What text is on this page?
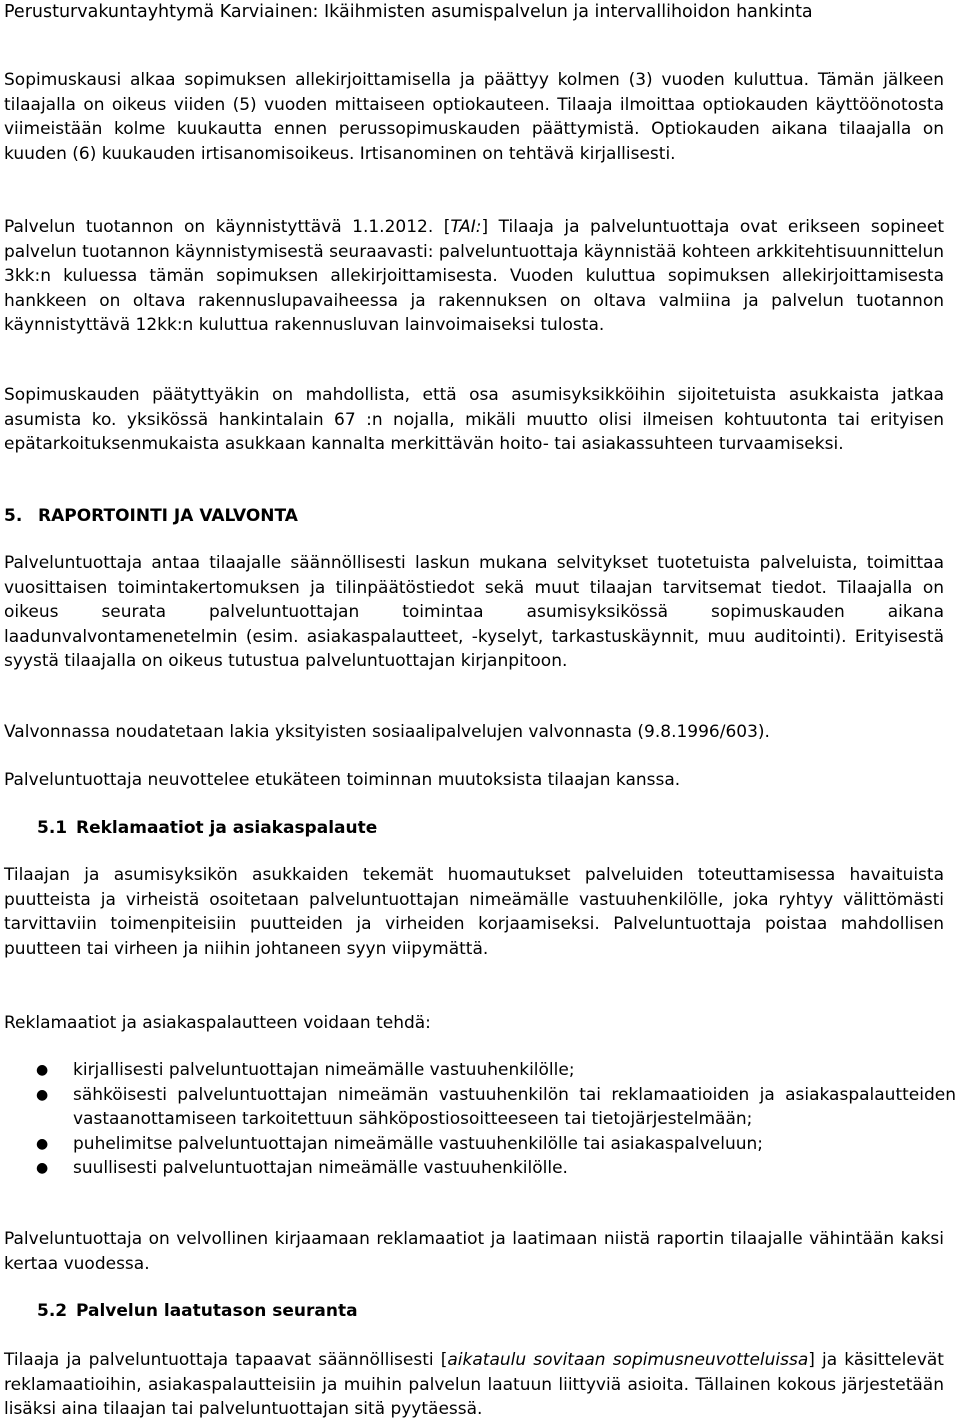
Perusturvakuntayhtymä Karviainen: Ikäihmisten asumispalvelun ja intervallihoidon hankinta

Sopimuskausi alkaa sopimuksen allekirjoittamisella ja päättyy kolmen (3) vuoden kuluttua. Tämän jälkeen tilaajalla on oikeus viiden (5) vuoden mittaiseen optiokauteen. Tilaaja ilmoittaa optiokauden käyttöönotosta viimeistään kolme kuukautta ennen perussopimuskauden päättymistä. Optiokauden aikana tilaajalla on kuuden (6) kuukauden irtisanomisoikeus. Irtisanominen on tehtävä kirjallisesti.

Palvelun tuotannon on käynnistyttävä 1.1.2012. [TAI:] Tilaaja ja palveluntuottaja ovat erikseen sopineet palvelun tuotannon käynnistymisestä seuraavasti: palveluntuottaja käynnistää kohteen arkkitehtisuunnittelun 3kk:n kuluessa tämän sopimuksen allekirjoittamisesta. Vuoden kuluttua sopimuksen allekirjoittamisesta hankkeen on oltava rakennuslupavaiheessa ja rakennuksen on oltava valmiina ja palvelun tuotannon käynnistyttävä 12kk:n kuluttua rakennusluvan lainvoimaiseksi tulosta.

Sopimuskauden päätyttyäkin on mahdollista, että osa asumisyksikköihin sijoitetuista asukkaista jatkaa asumista ko. yksikössä hankintalain 67 :n nojalla, mikäli muutto olisi ilmeisen kohtuutonta tai erityisen epätarkoituksenmukaista asukkaan kannalta merkittävän hoito- tai asiakassuhteen turvaamiseksi.

5. RAPORTOINTI JA VALVONTA

Palveluntuottaja antaa tilaajalle säännöllisesti laskun mukana selvitykset tuotetuista palveluista, toimittaa vuosittaisen toimintakertomuksen ja tilinpäätöstiedot sekä muut tilaajan tarvitsemat tiedot. Tilaajalla on oikeus seurata palveluntuottajan toimintaa asumisyksikössä sopimuskauden aikana laadunvalvontamenetelmin (esim. asiakaspalautteet, -kyselyt, tarkastuskäynnit, muu auditointi). Erityisestä syystä tilaajalla on oikeus tutustua palveluntuottajan kirjanpitoon.

Valvonnassa noudatetaan lakia yksityisten sosiaalipalvelujen valvonnasta (9.8.1996/603).

Palveluntuottaja neuvottelee etukäteen toiminnan muutoksista tilaajan kanssa.

5.1 Reklamaatiot ja asiakaspalaute

Tilaajan ja asumisyksikön asukkaiden tekemät huomautukset palveluiden toteuttamisessa havaituista puutteista ja virheistä osoitetaan palveluntuottajan nimeämälle vastuuhenkilölle, joka ryhtyy välittömästi tarvittaviin toimenpiteisiin puutteiden ja virheiden korjaamiseksi. Palveluntuottaja poistaa mahdollisen puutteen tai virheen ja niihin johtaneen syyn viipymättä.

Reklamaatiot ja asiakaspalautteen voidaan tehdä:

● kirjallisesti palveluntuottajan nimeämälle vastuuhenkilölle;
● sähköisesti palveluntuottajan nimeämän vastuuhenkilön tai reklamaatioiden ja asiakaspalautteiden vastaanottamiseen tarkoitettuun sähköpostiosoitteeseen tai tietojärjestelmään;
● puhelimitse palveluntuottajan nimeämälle vastuuhenkilölle tai asiakaspalveluun;
● suullisesti palveluntuottajan nimeämälle vastuuhenkilölle.

Palveluntuottaja on velvollinen kirjaamaan reklamaatiot ja laatimaan niistä raportin tilaajalle vähintään kaksi kertaa vuodessa.

5.2 Palvelun laatutason seuranta

Tilaaja ja palveluntuottaja tapaavat säännöllisesti [aikataulu sovitaan sopimusneuvotteluissa] ja käsittelevät reklamaatioihin, asiakaspalautteisiin ja muihin palvelun laatuun liittyviä asioita. Tällainen kokous järjestetään lisäksi aina tilaajan tai palveluntuottajan sitä pyytäessä.
